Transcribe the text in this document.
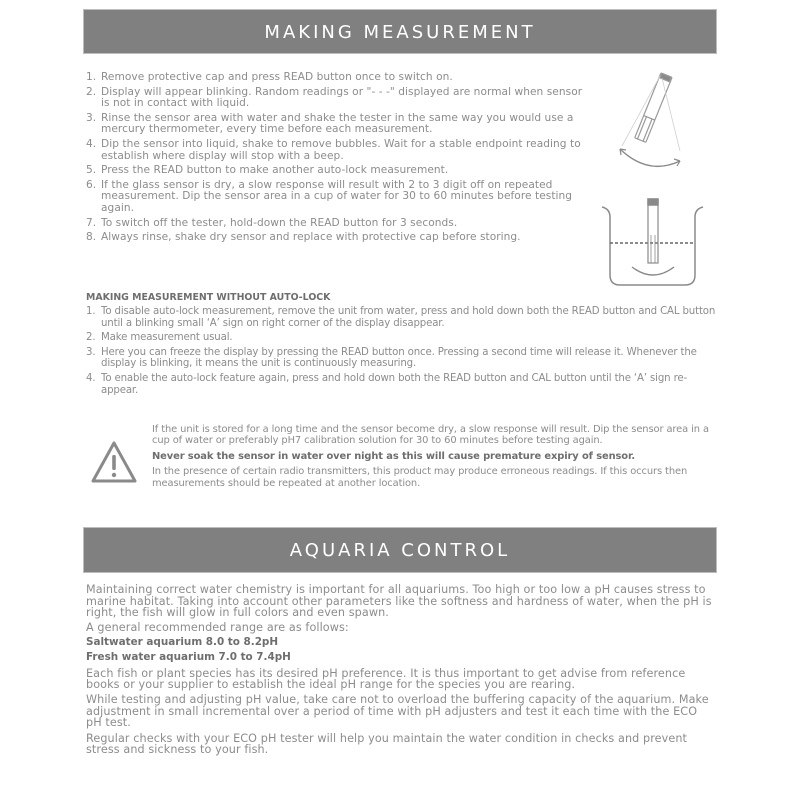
MAKING MEASUREMENT
1. Remove protective cap and press READ button once to switch on.
2. Display will appear blinking. Random readings or "- - -" displayed are normal when sensor is not in contact with liquid.
3. Rinse the sensor area with water and shake the tester in the same way you would use a mercury thermometer, every time before each measurement.
4. Dip the sensor into liquid, shake to remove bubbles. Wait for a stable endpoint reading to establish where display will stop with a beep.
5. Press the READ button to make another auto-lock measurement.
6. If the glass sensor is dry, a slow response will result with 2 to 3 digit off on repeated measurement. Dip the sensor area in a cup of water for 30 to 60 minutes before testing again.
7. To switch off the tester, hold-down the READ button for 3 seconds.
8. Always rinse, shake dry sensor and replace with protective cap before storing.
MAKING MEASUREMENT WITHOUT AUTO-LOCK
1. To disable auto-lock measurement, remove the unit from water, press and hold down both the READ button and CAL button until a blinking small ‘A’ sign on right corner of the display disappear.
2. Make measurement usual.
3. Here you can freeze the display by pressing the READ button once. Pressing a second time will release it. Whenever the display is blinking, it means the unit is continuously measuring.
4. To enable the auto-lock feature again, press and hold down both the READ button and CAL button until the ‘A’ sign re-appear.

If the unit is stored for a long time and the sensor become dry, a slow response will result. Dip the sensor area in a cup of water or preferably pH7 calibration solution for 30 to 60 minutes before testing again.

Never soak the sensor in water over night as this will cause premature expiry of sensor.

In the presence of certain radio transmitters, this product may produce erroneous readings. If this occurs then measurements should be repeated at another location.

AQUARIA CONTROL

Maintaining correct water chemistry is important for all aquariums. Too high or too low a pH causes stress to marine habitat. Taking into account other parameters like the softness and hardness of water, when the pH is right, the fish will glow in full colors and even spawn.

A general recommended range are as follows:

Saltwater aquarium 8.0 to 8.2pH

Fresh water aquarium 7.0 to 7.4pH

Each fish or plant species has its desired pH preference. It is thus important to get advise from reference books or your supplier to establish the ideal pH range for the species you are rearing.

While testing and adjusting pH value, take care not to overload the buffering capacity of the aquarium. Make adjustment in small incremental over a period of time with pH adjusters and test it each time with the ECO pH test.

Regular checks with your ECO pH tester will help you maintain the water condition in checks and prevent stress and sickness to your fish.
